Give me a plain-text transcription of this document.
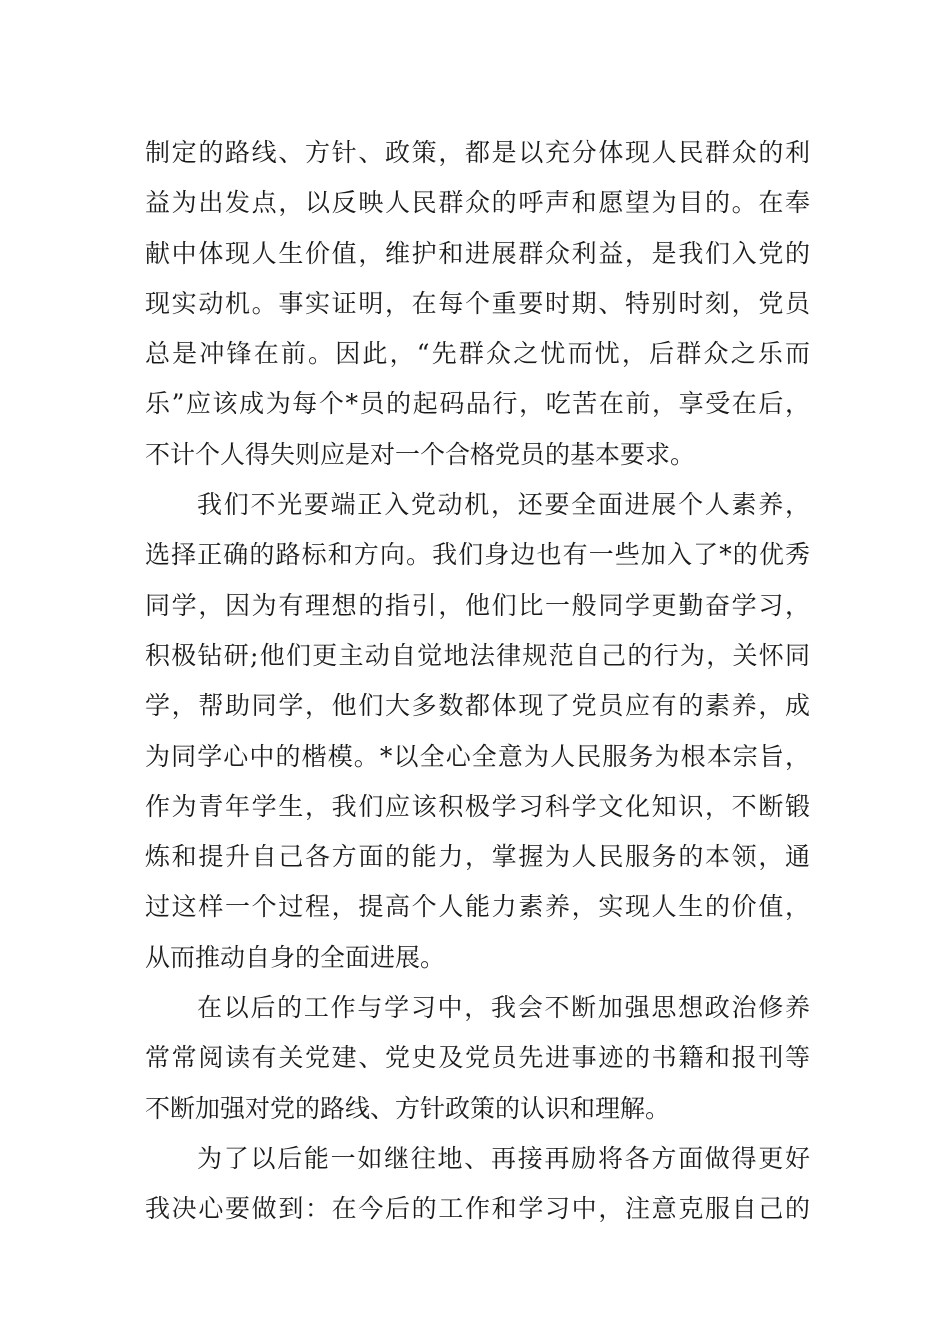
制定的路线、方针、政策，都是以充分体现人民群众的利
益为出发点，以反映人民群众的呼声和愿望为目的。在奉
献中体现人生价值，维护和进展群众利益，是我们入党的
现实动机。事实证明，在每个重要时期、特别时刻，党员
总是冲锋在前。因此，“先群众之忧而忧，后群众之乐而
乐”应该成为每个*员的起码品行，吃苦在前，享受在后，
不计个人得失则应是对一个合格党员的基本要求。
我们不光要端正入党动机，还要全面进展个人素养，
选择正确的路标和方向。我们身边也有一些加入了*的优秀
同学，因为有理想的指引，他们比一般同学更勤奋学习，
积极钻研;他们更主动自觉地法律规范自己的行为，关怀同
学，帮助同学，他们大多数都体现了党员应有的素养，成
为同学心中的楷模。*以全心全意为人民服务为根本宗旨，
作为青年学生，我们应该积极学习科学文化知识，不断锻
炼和提升自己各方面的能力，掌握为人民服务的本领，通
过这样一个过程，提高个人能力素养，实现人生的价值，
从而推动自身的全面进展。
在以后的工作与学习中，我会不断加强思想政治修养
常常阅读有关党建、党史及党员先进事迹的书籍和报刊等
不断加强对党的路线、方针政策的认识和理解。
为了以后能一如继往地、再接再励将各方面做得更好
我决心要做到：在今后的工作和学习中，注意克服自己的
